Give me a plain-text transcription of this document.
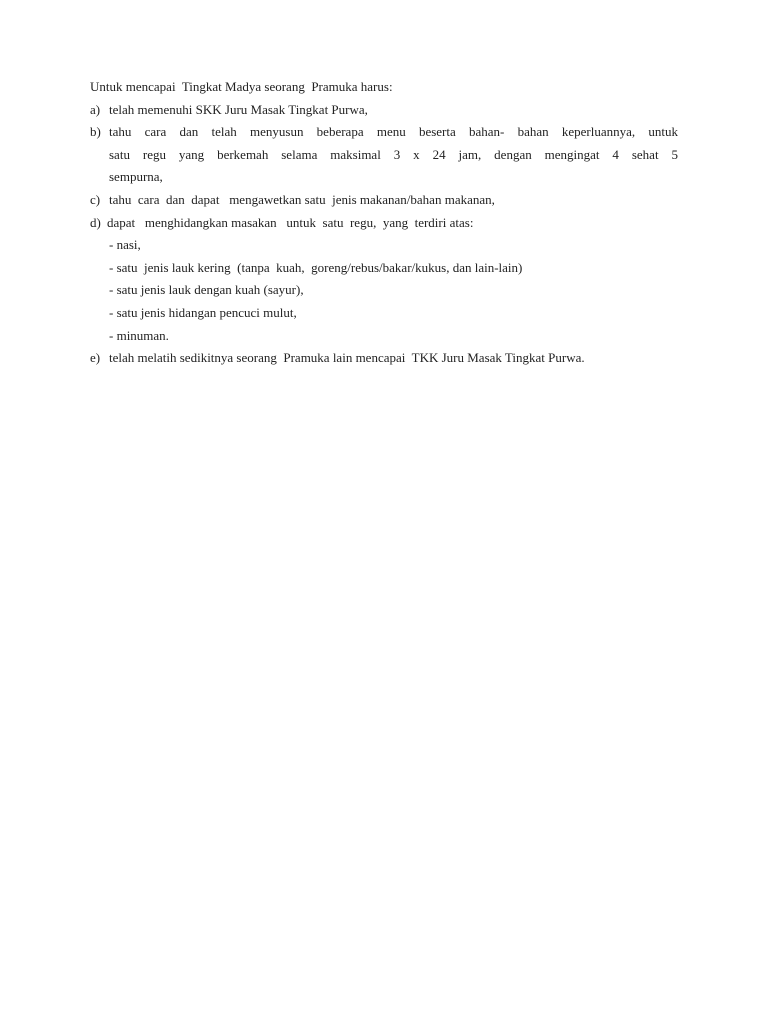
Untuk mencapai  Tingkat Madya seorang  Pramuka harus:
a) telah memenuhi SKK Juru Masak Tingkat Purwa,
b) tahu cara dan telah menyusun beberapa menu beserta bahan- bahan keperluannya, untuk
satu regu yang berkemah selama maksimal 3 x 24 jam, dengan mengingat 4 sehat 5
sempurna,
c) tahu  cara  dan  dapat   mengawetkan satu  jenis makanan/bahan makanan,
d) dapat   menghidangkan masakan   untuk  satu  regu,  yang  terdiri atas:
- nasi,
- satu  jenis lauk kering  (tanpa  kuah,  goreng/rebus/bakar/kukus, dan lain-lain)
- satu jenis lauk dengan kuah (sayur),
- satu jenis hidangan pencuci mulut,
- minuman.
e) telah melatih sedikitnya seorang  Pramuka lain mencapai  TKK Juru Masak Tingkat Purwa.
